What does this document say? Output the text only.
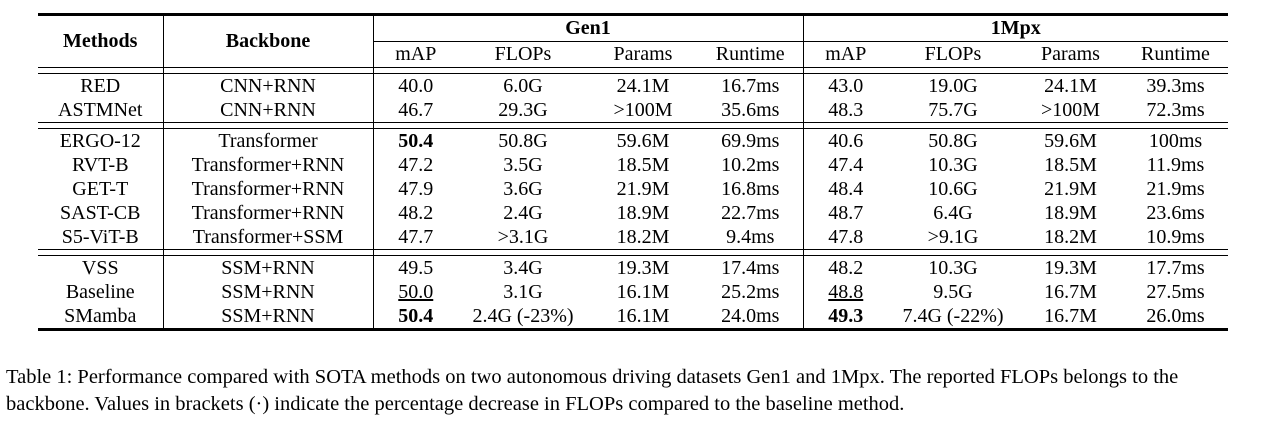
Methods	Backbone	Gen1				1Mpx			
		mAP	FLOPs	Params	Runtime	mAP	FLOPs	Params	Runtime

RED	CNN+RNN	40.0	6.0G	24.1M	16.7ms	43.0	19.0G	24.1M	39.3ms
ASTMNet	CNN+RNN	46.7	29.3G	>100M	35.6ms	48.3	75.7G	>100M	72.3ms

ERGO-12	Transformer	50.4	50.8G	59.6M	69.9ms	40.6	50.8G	59.6M	100ms
RVT-B	Transformer+RNN	47.2	3.5G	18.5M	10.2ms	47.4	10.3G	18.5M	11.9ms
GET-T	Transformer+RNN	47.9	3.6G	21.9M	16.8ms	48.4	10.6G	21.9M	21.9ms
SAST-CB	Transformer+RNN	48.2	2.4G	18.9M	22.7ms	48.7	6.4G	18.9M	23.6ms
S5-ViT-B	Transformer+SSM	47.7	>3.1G	18.2M	9.4ms	47.8	>9.1G	18.2M	10.9ms

VSS	SSM+RNN	49.5	3.4G	19.3M	17.4ms	48.2	10.3G	19.3M	17.7ms
Baseline	SSM+RNN	50.0	3.1G	16.1M	25.2ms	48.8	9.5G	16.7M	27.5ms
SMamba	SSM+RNN	50.4	2.4G (-23%)	16.1M	24.0ms	49.3	7.4G (-22%)	16.7M	26.0ms
Table 1: Performance compared with SOTA methods on two autonomous driving datasets Gen1 and 1Mpx. The reported FLOPs belongs to the backbone. Values in brackets (·) indicate the percentage decrease in FLOPs compared to the baseline method.
